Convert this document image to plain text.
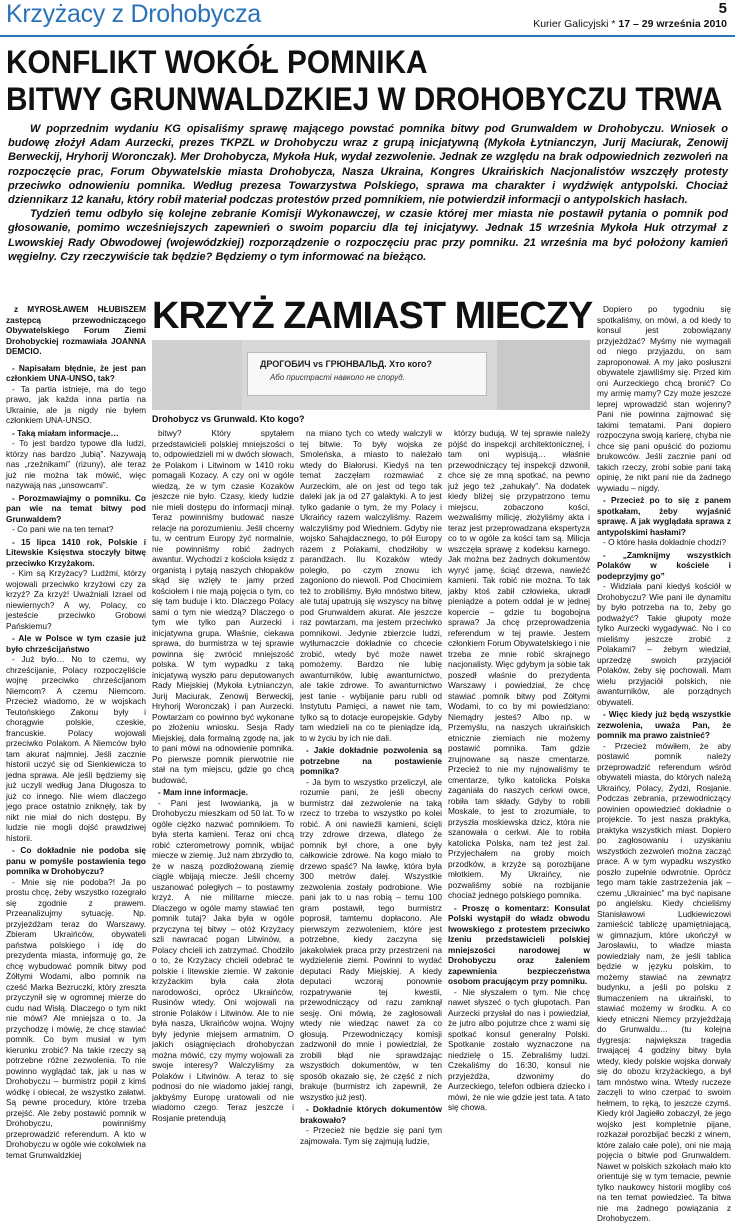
Krzyżacy z Drohobycza	5
Kurier Galicyjski * 17 – 29 września 2010
KONFLIKT WOKÓŁ POMNIKA
BITWY GRUNWALDZKIEJ W DROHOBYCZU TRWA

W poprzednim wydaniu KG opisaliśmy sprawę mającego powstać pomnika bitwy pod Grunwaldem w Drohobyczu. Wniosek o budowę złożył Adam Aurzecki, prezes TKPZL w Drohobyczu wraz z grupą inicjatywną (Mykoła Łytnianczyn, Jurij Maciurak, Zenowij Berweckij, Hryhorij Woronczak). Mer Drohobycza, Mykoła Huk, wydał zezwolenie. Jednak ze względu na brak odpowiednich zezwoleń na rozpoczęcie prac, Forum Obywatelskie miasta Drohobycza, Nasza Ukraina, Kongres Ukraińskich Nacjonalistów wszczęły protesty przeciwko odnowieniu pomnika. Według prezesa Towarzystwa Polskiego, sprawa ma charakter i wydźwięk antypolski. Chociaż dziennikarz 12 kanału, który robił materiał podczas protestów przed pomnikiem, nie potwierdził informacji o antypolskich hasłach.

Tydzień temu odbyło się kolejne zebranie Komisji Wykonawczej, w czasie której mer miasta nie postawił pytania o pomnik pod głosowanie, pomimo wcześniejszych zapewnień o swoim poparciu dla tej inicjatywy. Jednak 15 września Mykoła Huk otrzymał z Lwowskiej Rady Obwodowej (wojewódzkiej) rozporządzenie o rozpoczęciu prac przy pomniku. 21 września ma być położony kamień węgielny. Czy rzeczywiście tak będzie? Będziemy o tym informować na bieżąco.

z MYROSŁAWEM HŁUBISZEM zastępcą przewodniczącego Obywatelskiego Forum Ziemi Drohobyckiej rozmawiała JOANNA DEMCIO.

- Napisałam błędnie, że jest pan członkiem UNA-UNSO, tak?

- Ta partia istnieje, ma do tego prawo, jak każda inna partia na Ukrainie, ale ja nigdy nie byłem członkiem UNA-UNSO.

- Taką miałam informacje…

- To jest bardzo typowe dla ludzi, którzy nas bardzo „lubią”. Nazywają nas „rzeźnikami” (rizuny), ale teraz już nie można tak mówić, więc nazywają nas „unsowcami”.

- Porozmawiajmy o pomniku. Co pan wie na temat bitwy pod Grunwaldem?

- Co pani wie na ten temat?

- 15 lipca 1410 rok, Polskie i Litewskie Księstwa stoczyły bitwę przeciwko Krzyżakom.

- Kim są Krzyżacy? Ludźmi, którzy wojowali przeciwko krzyżowi czy za krzyż? Za krzyż! Uważniali Izrael od niewiernych? A wy, Polacy, co jesteście przeciwko Grobowi Pańskiemu?

- Ale w Polsce w tym czasie już było chrześcijaństwo

- Już było… No to czemu, wy chrześcijanie, Polacy rozpoczęliście wojnę przeciwko chrześcijanom Niemcom? A czemu Niemcom. Przecież wiadomo, że w wojskach Teutońskiego Zakonu były i chorągwie polskie, czeskie, francuskie. Polacy wojowali przeciwko Polakom. A Niemców było tam akurat najmniej. Jeśli zacznie historii uczyć się od Sienkiewicza to jedna sprawa. Ale jeśli będziemy się już uczyli według Jana Długosza to już co innego. Nie wiem dlaczego jego prace ostatnio zniknęły, tak by nikt nie miał do nich dostępu. By ludzie nie mogli dojść prawdziwej historii.

- Co dokładnie nie podoba się panu w pomyśle postawienia tego pomnika w Drohobyczu?

- Mnie się nie podoba?! Ja po prostu chcę, żeby wszystko rozegrało się zgodnie z prawem. Przeanalizujmy sytuację. Np. przyjeżdżam teraz do Warszawy. Zbieram Ukraińców, obywateli państwa polskiego i idę do prezydenta miasta, informuję go, że chcę wybudować pomnik bitwy pod Żółtymi Wodami, albo pomnik na cześć Marka Bezruczki, który zreszta przyczynił się w ogromnej mierze do cudu nad Wisłą. Dlaczego o tym nikt nie mówi? Ale mniejsza o to. Ja przychodzę i mówię, że chcę stawiać pomnik. Co bym musiał w tym kierunku zrobić? Na takie rzeczy są potrzebne różne zezwolenia. To nie powinno wyglądać tak, jak u nas w Drohobyczu – burmistrz popił z kimś wódkę i obiecał, że wszystko załatwi. Są pewne procedury, które trzeba przejść. Ale żeby postawić pomnik w Drohobyczu, powinniśmy przeprowadzić referendum. A kto w Drohobyczu w ogóle wie cokolwiek na temat Grunwaldzkiej

KRZYŻ ZAMIAST MIECZY
ДРОГОБИЧ vs ГРЮНВАЛЬД. Хто кого?
Або пристрасті навколо не споруд.
Drohobycz vs Grunwald. Kto kogo?

bitwy? Który spytałem przedstawicieli polskiej mniejszości o to, odpowiedzieli mi w dwóch słowach, że Polakom i Litwinom w 1410 roku pomagali Kozacy. A czy oni w ogóle wiedzą, że w tym czasie Kozaków jeszcze nie było. Czasy, kiedy ludzie nie mieli dostępu do informacji minął. Teraz powinniśmy budować nasze relacje na porozumieniu. Jeśli chcemy tu, w centrum Europy żyć normalnie, nie powinniśmy robić żadnych awantur. Wychodzi z kościoła księdz z organistą i pytają naszych chłopaków skąd się wzięły te jamy przed kościołem i nie mają pojęcia o tym, co się tam buduje i kto. Dlaczego Polacy sami o tym nie wiedzą? Dlaczego o tym wie tylko pan Aurzecki i inicjatywna grupa. Właśnie, ciekawa sprawa, do burmistrza w tej sprawie powinna się zwrócić mniejszość polska. W tym wypadku z taką inicjatywą wyszło paru deputowanych Rady Miejskiej (Mykoła Łytnianczyn, Jurij Maciurak, Zenowij Berweckij, Hryhorij Woronczak) i pan Aurzecki. Powtarzam co powinno być wykonane po złożeniu wniosku. Sesja Rady Miejskiej, dała formalną zgodę na, jak to pani mówi na odnowienie pomnika. Po pierwsze pomnik pierwotnie nie stał na tym miejscu, gdzie go chcą budować.

- Mam inne informacje.

- Pani jest Iwowianką, ja w Drohobyczu mieszkam od 50 lat. To w ogóle ciężko nazwać pomnikiem. To była sterta kamieni. Teraz oni chcą robić czterometrowy pomnik, wbijać miecze w ziemię. Już nam zbrzydło to, że w naszą pozdłożowaną ziemię ciągle wbijają miecze. Jeśli chcemy uszanować poległych – to postawmy krzyż. A nie militarne miecze. Dlaczego w ogóle mamy stawiać ten pomnik tutaj? Jaka była w ogóle przyczyna tej bitwy – otóż Krzyżacy szli nawracać pogan Litwinów, a Polacy chcieli ich zatrzymać. Chodziło o to, że Krzyżacy chcieli odebrać te polskie i litewskie ziemie. W zakonie krzyżackim była cała złota narodowości, oprócz Ukraińców, Rusinów wtedy. Oni wojowali na stronie Polaków i Litwinów. Ale to nie była nasza, Ukraińców wojna. Wojny były jedynie miejsem armatnim. O jakich osiągnięciach drohobyczan można mówić, czy mymy wojowali za swoje interesy? Walczyliśmy za Polaków i Litwinów. A teraz to się podnosi do nie wiadomo jakiej rangi, jakbyśmy Europę uratowali od nie wiadomo czego. Teraz jeszcze i Rosjanie pretendują

na miano tych co wtedy walczyli w tej bitwie. To były wojska ze Smoleńska, a miasto to należało wtedy do Białorusi. Kiedyś na ten temat zaczęłam rozmawiać z Aurzeckim, ale on jest od tego tak daleki jak ja od 27 galaktyki. A to jest tylko gadanie o tym, że my Polacy i Ukraińcy razem walczyliśmy. Razem walczyliśmy pod Wiedniem. Gdyby nie wojsko Sahajdacznego, to pół Europy razem z Polakami, chodziłoby w parandżach. Ilu Kozaków wtedy poległo, po czym znowu ich zagoniono do niewoli. Pod Chocimiem też to zrobiliśmy. Było mnóstwo bitew, ale tutaj upatrują się wszyscy na bitwę pod Grunwaldem akurat. Ale jeszcze raz powtarzam, ma jestem przeciwko pomnikowi. Jedynie zbierzcie ludzi, wytłumaczcie dokładnie co chcecie zrobić, wtedy być może nawet pomożemy. Bardzo nie lubię awanturników, lubię awanturnictwo, ale takie zdrowe. To awanturnictwo jest tanie - wybijanie paru rubli od Instytutu Pamięci, a nawet nie tam, tylko są to dotacje europejskie. Gdyby tam wiedzieli na co te pieniądze idą, to w życiu by ich nie dali.

- Jakie dokładnie pozwolenia są potrzebne na postawienie pomnika?

- Ja bym to wszystko przeliczył, ale rozumie pani, że jeśli obecny burmistrz dał zezwolenie na taką rzecz to trzeba to wszystko po kolei robić. A oni nawieźli kamieni, ścięli trzy zdrowe drzewa, dlatego że pomnik był chore, a one były całkowicie zdrowe. Na kogo miało to drzewo spaść? Na ławkę, która była 300 metrów dalej. Wszystkie zezwolenia zostały podrobione. Wie pani jak to u nas robią – temu 100 gram postawił, tego burmistrz poprosił, tamtemu dopłacono. Ale pierwszym zezwoleniem, które jest potrzebne, kiedy zaczyna się jakakolwiek praca przy przestrzeni na wydzielenie ziemi. Powinni to wydać deputaci Rady Miejskiej. A kiedy deputaci wczoraj ponownie rozpatrywanie tej kwestii, przewodniczący od razu zamknął sesję. Oni mówią, że zagłosowali wtedy nie wiedząc nawet za co głosują. Przewodniczący komisji zadzwonił do mnie i powiedział, że zrobili błąd nie sprawdzając wszystkich dokumentów, w ten sposób okazało się, że część z nich brakuje (burmistrz ich zapewnił, że wszystko już jest).

- Dokładnie których dokumentów brakowało?

- Przecież nie będzie się pani tym zajmowała. Tym się zajmują ludzie,

którzy budują. W tej sprawie należy pójść do inspekcji architektonicznej, i tam oni wypisują… właśnie przewodniczący tej inspekcji dzwonił, chce się ze mną spotkać, na pewno już jego też „zahukały”. Na dodatek kiedy bliżej się przypatrzono temu miejscu, zobaczono kości, wezwaliśmy milicję, złożyliśmy akta i teraz jest przeprowadzana ekspertyza co to w ogóle za kości tam są. Milicja wszczęła sprawę z kodeksu karnego. Jak można bez żadnych dokumentów wyryć jamę, ściąć drzewa, nawieźć kamieni. Tak robić nie można. To tak jakby ktoś zabił człowieka, ukradł pieniądze a potem oddał je w jednej kopercie – gdzie tu bogobojna sprawa? Ja chcę przeprowadzenia referendum w tej prawie. Jestem członkiem Forum Obywatelskiego i nie trzeba ze mnie robić skrajnego nacjonalisty. Więc gdybym ja sobie tak poszedł właśnie do prezydenta Warszawy i powiedział, że chcę stawiać pomnik bitwy pod Żółtymi Wodami, to co by mi powiedziano: Niemądry jesteś? Albo np. w Przemyślu, na naszych ukraińskich etnicznie ziemiach nie możemy postawić pomnika. Tam gdzie zrujnowane są nasze cmentarze. Przecież to nie my rujnowaliśmy te cmentarze, tylko katolicka Polska zaganiała do naszych cerkwi owce, robiła tam składy. Gdyby to robili Moskale, to jest to zrozumiałe, to przyszła moskiewska dzicz, która nie szanowała o cerkwi. Ale to robiła katolicka Polska, nam też jest żal. Przyjechałem na groby moich przodków, a krzyże są porozbijane młotkiem. My Ukraińcy, nie pozwaliśmy sobie na rozbijanie chociaż jednego polskiego pomnika.

- Proszę o komentarz: Konsulat Polski wystąpił do władz obwodu lwowskiego z protestem przeciwko Izeniu przedstawicieli polskiej mniejszości narodowej w Drohobyczu oraz żaleniem zapewnienia bezpieczeństwa osobom pracującym przy pomniku.

- Nie słyszałem o tym. Nie chcę nawet słyszeć o tych głupotach. Pan Aurzecki przysłał do nas i powiedział, że jutro albo pojutrze chce z wami się spotkać konsul generalny Polski. Spotkanie zostało wyznaczone na niedzielę o 15. Zebraliśmy ludzi. Czekaliśmy do 16:30, konsul nie przyjeżdża, dzwonimy do Aurzeckiego, telefon odbiera dziecko i mówi, że nie wie gdzie jest tata. A tato się chowa.

Dopiero po tygodniu się spotkaliśmy, on mówi, a od kiedy to konsul jest zobowiązany przyjeżdżać? Myśmy nie wymagali od niego przyjazdu, on sam zaproponował. A my jako posłuszni obywatele zjawiliśmy się. Przed kim oni Aurzeckiego chcą bronić? Co my armię mamy? Czy może jeszcze leprej wprowadzić stan wojenny? Pani nie powinna zajmować się takimi tematami. Pani dopiero rozpoczyna swoją karierę, chyba nie chce się pani opuścić do poziomu brukowców. Jeśli zacznie pani od takich rzeczy, zrobi sobie pani taką opinię, że nikt pani nie da żadnego wywiadu – nigdy.

- Przecież po to się z panem spotkałam, żeby wyjaśnić sprawę. A jak wyglądała sprawa z antypolskimi hasłami?

- O które hasła dokładnie chodzi?

- „Zamknijmy wszystkich Polaków w kościele i podeprzyjmy go”

- Widziała pani kiedyś kościół w Drohobyczu? Wie pani ile dynamitu by było potrzeba na to, żeby go podważyć? Takie głupoty może tylko Aurzecki wygadywać. No i co mieliśmy jeszcze zrobić z Polakami? – żebym wiedział, uprzedzę swoich przyjaciół Polaków, żeby się pochowali. Mam wielu przyjaciół polskich, nie awanturników, ale porządnych obywateli.

- Więc kiedy już będą wszystkie zezwolenia, uważa Pan, że pomnik ma prawo zaistnieć?

- Przecież mówiłem, że aby postawić pomnik należy przeprowadzić referendum wśród obywateli miasta, do których należą Ukraińcy, Polacy, Żydzi, Rosjanie. Podczas zebrania, przewodniczący powinien opowiedzieć dokładnie o projekcie. To jest nasza praktyka, praktyka wszystkich miast. Dopiero po zagłosowaniu i uzyskaniu wszystkich zezwoleń można zacząć prace. A w tym wypadku wszystko poszło zupełnie odwrotnie. Oprócz tego mam takie zastrzeżenia jak – czemu „Ukrainiec” ma być napisane po angielsku. Kiedy chcieliśmy Stanisławowi Ludkiewiczowi zamieścić tabliczę upamiętniającą, w gimnazjum, które ukończył w Jarosławiu, to władze miasta powiedziały nam, że jeśli tablica będzie w języku polskim, to możemy stawiać na zewnątrz budynku, a jeśli po polsku z tłumaczeniem na ukraiński, to stawiać możemy w środku. A co kiedy etniczni Niemcy przyjeżdżają do Grunwaldu… (tu kolejna dygresja: największa tragedia trwającej 4 godziny bitwy była wtedy, kiedy polskie wojska dorwały się do obozu krzyżackiego, a był tam mnóstwo wina. Wtedy ruczeze zaczęli to wino czerpać to swoim hełmem, to ręką, to jeszcze czymś. Kiedy król Jagiełło zobaczył, że jego wojsko jest kompletnie pijane, rozkazał porozbijać beczki z winem, które zalało całe pole), oni nie mają pojęcia o bitwie pod Grunwaldem. Nawet w polskich szkołach mało kto orientuje się w tym temacie, pewnie tylko naukowcy historii mogliby coś na ten temat powiedzieć. Ta bitwa nie ma żadnego powiązania z Drohobyczem.
